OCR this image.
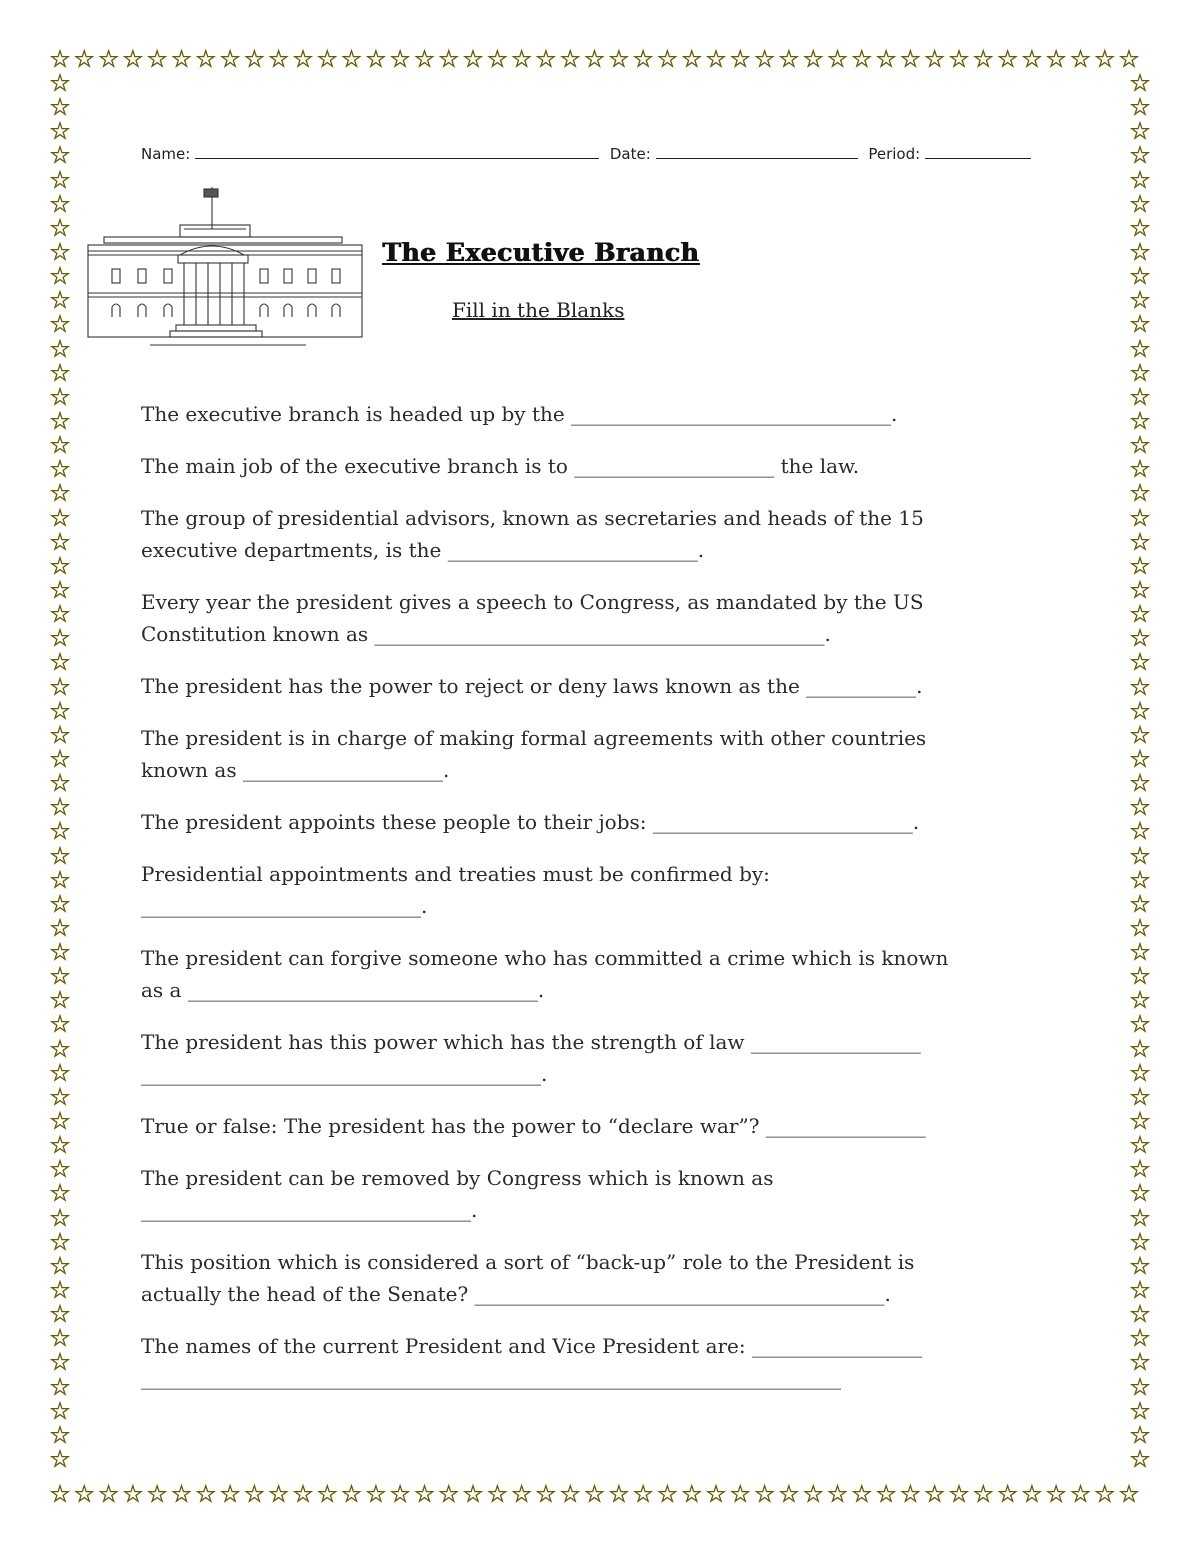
☆ ☆ ☆ ☆ ☆ ☆ ☆ ☆ ☆ ☆ ☆ ☆ ☆ ☆ ☆ ☆ ☆ ☆ ☆ ☆ ☆ ☆ ☆ ☆ ☆ ☆ ☆ ☆ ☆ ☆ ☆ ☆ ☆ ☆ ☆ ☆ ☆ ☆ ☆ ☆ ☆ ☆ ☆ ☆ ☆
☆ ☆ ☆ ☆ ☆ ☆ ☆ ☆ ☆ ☆ ☆ ☆ ☆ ☆ ☆ ☆ ☆ ☆ ☆ ☆ ☆ ☆ ☆ ☆ ☆ ☆ ☆ ☆ ☆ ☆ ☆ ☆ ☆ ☆ ☆ ☆ ☆ ☆ ☆ ☆ ☆ ☆ ☆ ☆ ☆
☆
☆
☆
☆
☆
☆
☆
☆
☆
☆
☆
☆
☆
☆
☆
☆
☆
☆
☆
☆
☆
☆
☆
☆
☆
☆
☆
☆
☆
☆
☆
☆
☆
☆
☆
☆
☆
☆
☆
☆
☆
☆
☆
☆
☆
☆
☆
☆
☆
☆
☆
☆
☆
☆
☆
☆
☆
☆
☆
☆
☆
☆
☆
☆
☆
☆
☆
☆
☆
☆
☆
☆
☆
☆
☆
☆
☆
☆
☆
☆
☆
☆
☆
☆
☆
☆
☆
☆
☆
☆
☆
☆
☆
☆
☆
☆
☆
☆
☆
☆
☆
☆
☆
☆
☆
☆
☆
☆
☆
☆
☆
☆
☆
☆
☆
☆
Name:	Date:	Period:
The Executive Branch
Fill in the Blanks
The executive branch is headed up by the ________________________________.
The main job of the executive branch is to ____________________ the law.
The group of presidential advisors, known as secretaries and heads of the 15
executive departments, is the _________________________.
Every year the president gives a speech to Congress, as mandated by the US
Constitution known as _____________________________________________.
The president has the power to reject or deny laws known as the ___________.
The president is in charge of making formal agreements with other countries
known as ____________________.
The president appoints these people to their jobs: __________________________.
Presidential appointments and treaties must be confirmed by:
____________________________.
The president can forgive someone who has committed a crime which is known
as a ___________________________________.
The president has this power which has the strength of law _________________
________________________________________.
True or false: The president has the power to “declare war”? ________________
The president can be removed by Congress which is known as
_________________________________.
This position which is considered a sort of “back-up” role to the President is
actually the head of the Senate? _________________________________________.
The names of the current President and Vice President are: _________________
______________________________________________________________________
